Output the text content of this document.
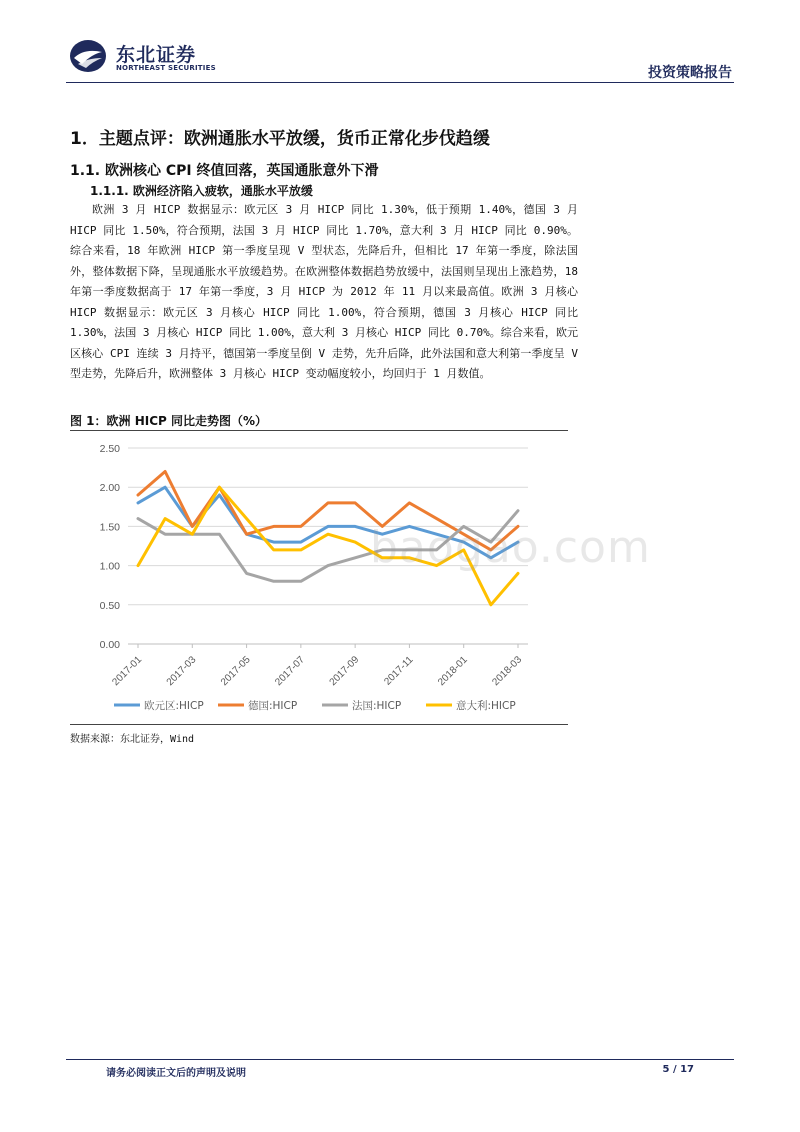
东北证券
NORTHEAST SECURITIES	投资策略报告
1．主题点评：欧洲通胀水平放缓，货币正常化步伐趋缓
1.1. 欧洲核心 CPI 终值回落，英国通胀意外下滑
1.1.1. 欧洲经济陷入疲软，通胀水平放缓

欧洲 3 月 HICP 数据显示：欧元区 3 月 HICP 同比 1.30%，低于预期 1.40%，德国 3 月 HICP 同比 1.50%，符合预期，法国 3 月 HICP 同比 1.70%，意大利 3 月 HICP 同比 0.90%。综合来看，18 年欧洲 HICP 第一季度呈现 V 型状态，先降后升，但相比 17 年第一季度，除法国外，整体数据下降，呈现通胀水平放缓趋势。在欧洲整体数据趋势放缓中，法国则呈现出上涨趋势，18 年第一季度数据高于 17 年第一季度，3 月 HICP 为 2012 年 11 月以来最高值。欧洲 3 月核心 HICP 数据显示：欧元区 3 月核心 HICP 同比 1.00%，符合预期，德国 3 月核心 HICP 同比 1.30%，法国 3 月核心 HICP 同比 1.00%，意大利 3 月核心 HICP 同比 0.70%。综合来看，欧元区核心 CPI 连续 3 月持平，德国第一季度呈倒 V 走势，先升后降，此外法国和意大利第一季度呈 V 型走势，先降后升，欧洲整体 3 月核心 HICP 变动幅度较小，均回归于 1 月数值。

图 1：欧洲 HICP 同比走势图（%）
0.00
0.50
1.00
1.50
2.00
2.50
2017-01 2017-03 2017-05 2017-07 2017-09 2017-11 2018-01 2018-03
欧元区:HICP	德国:HICP	法国:HICP	意大利:HICP
baogao.com
数据来源：东北证券，Wind
请务必阅读正文后的声明及说明	5 / 17
